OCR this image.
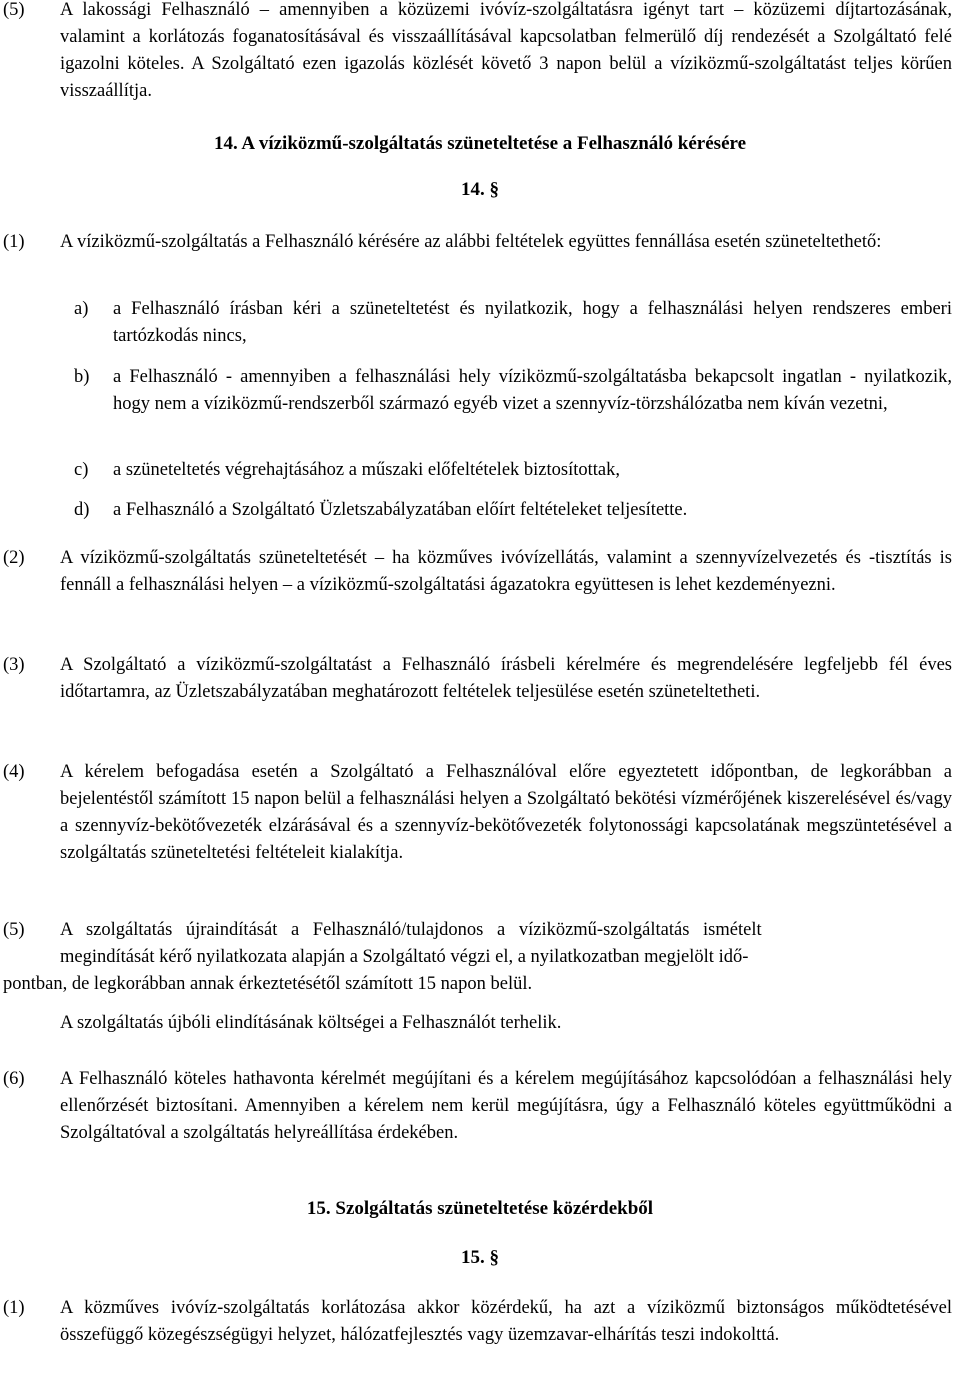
(5) A lakossági Felhasználó – amennyiben a közüzemi ivóvíz-szolgáltatásra igényt tart – közüzemi díjtartozásának, valamint a korlátozás foganatosításával és visszaállításával kapcsolatban felmerülő díj rendezését a Szolgáltató felé igazolni köteles. A Szolgáltató ezen igazolás közlését követő 3 napon belül a víziközmű-szolgáltatást teljes körűen visszaállítja.
14. A víziközmű-szolgáltatás szüneteltetése a Felhasználó kérésére
14. §
(1) A víziközmű-szolgáltatás a Felhasználó kérésére az alábbi feltételek együttes fennállása esetén szüneteltethető:
a) a Felhasználó írásban kéri a szüneteltetést és nyilatkozik, hogy a felhasználási helyen rendszeres emberi tartózkodás nincs,
b) a Felhasználó - amennyiben a felhasználási hely víziközmű-szolgáltatásba bekapcsolt ingatlan - nyilatkozik, hogy nem a víziközmű-rendszerből származó egyéb vizet a szennyvíz-törzshálózatba nem kíván vezetni,
c) a szüneteltetés végrehajtásához a műszaki előfeltételek biztosítottak,
d) a Felhasználó a Szolgáltató Üzletszabályzatában előírt feltételeket teljesítette.
(2) A víziközmű-szolgáltatás szüneteltetését – ha közműves ivóvízellátás, valamint a szennyvízelvezetés és -tisztítás is fennáll a felhasználási helyen – a víziközmű-szolgáltatási ágazatokra együttesen is lehet kezdeményezni.
(3) A Szolgáltató a víziközmű-szolgáltatást a Felhasználó írásbeli kérelmére és megrendelésére legfeljebb fél éves időtartamra, az Üzletszabályzatában meghatározott feltételek teljesülése esetén szüneteltetheti.
(4) A kérelem befogadása esetén a Szolgáltató a Felhasználóval előre egyeztetett időpontban, de legkorábban a bejelentéstől számított 15 napon belül a felhasználási helyen a Szolgáltató bekötési vízmérőjének kiszerelésével és/vagy a szennyvíz-bekötővezeték elzárásával és a szennyvíz-bekötővezeték folytonossági kapcsolatának megszüntetésével a szolgáltatás szüneteltetési feltételeit kialakítja.
(5) A szolgáltatás újraindítását a Felhasználó/tulajdonos a víziközmű-szolgáltatás ismételt
megindítását kérő nyilatkozata alapján a Szolgáltató végzi el, a nyilatkozatban megjelölt idő-
pontban, de legkorábban annak érkeztetésétől számított 15 napon belül.
A szolgáltatás újbóli elindításának költségei a Felhasználót terhelik.
(6) A Felhasználó köteles hathavonta kérelmét megújítani és a kérelem megújításához kapcsolódóan a felhasználási hely ellenőrzését biztosítani. Amennyiben a kérelem nem kerül megújításra, úgy a Felhasználó köteles együttműködni a Szolgáltatóval a szolgáltatás helyreállítása érdekében.
15. Szolgáltatás szüneteltetése közérdekből
15. §
(1) A közműves ivóvíz-szolgáltatás korlátozása akkor közérdekű, ha azt a víziközmű biztonságos működtetésével összefüggő közegészségügyi helyzet, hálózatfejlesztés vagy üzemzavar-elhárítás teszi indokolttá.
